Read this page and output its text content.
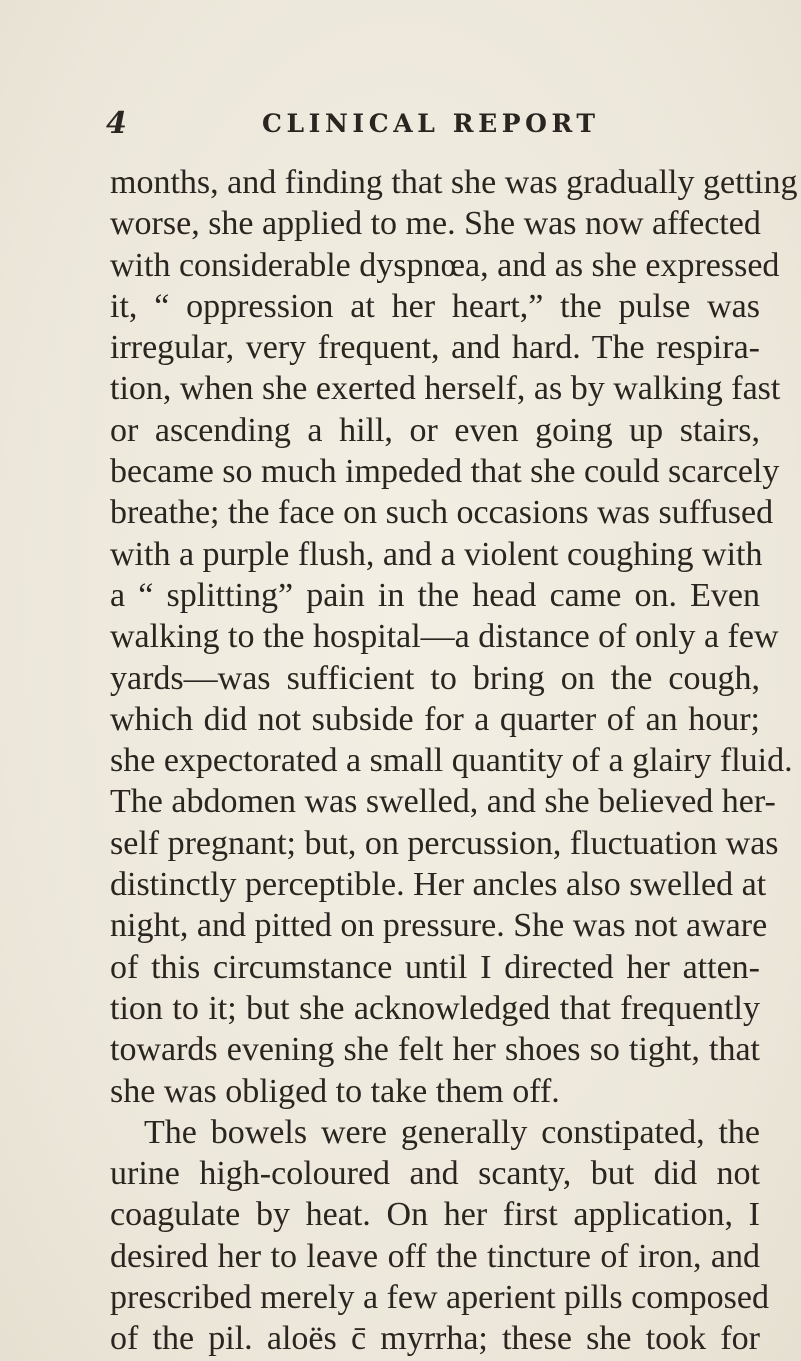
4	CLINICAL REPORT
months, and finding that she was gradually getting
worse, she applied to me. She was now affected
with considerable dyspnœa, and as she expressed
it, “ oppression at her heart,” the pulse was
irregular, very frequent, and hard. The respira-
tion, when she exerted herself, as by walking fast
or ascending a hill, or even going up stairs,
became so much impeded that she could scarcely
breathe; the face on such occasions was suffused
with a purple flush, and a violent coughing with
a “ splitting” pain in the head came on. Even
walking to the hospital—a distance of only a few
yards—was sufficient to bring on the cough,
which did not subside for a quarter of an hour;
she expectorated a small quantity of a glairy fluid.
The abdomen was swelled, and she believed her-
self pregnant; but, on percussion, fluctuation was
distinctly perceptible. Her ancles also swelled at
night, and pitted on pressure. She was not aware
of this circumstance until I directed her atten-
tion to it; but she acknowledged that frequently
towards evening she felt her shoes so tight, that
she was obliged to take them off.
The bowels were generally constipated, the
urine high-coloured and scanty, but did not
coagulate by heat. On her first application, I
desired her to leave off the tincture of iron, and
prescribed merely a few aperient pills composed
of the pil. aloës c̄ myrrha; these she took for
